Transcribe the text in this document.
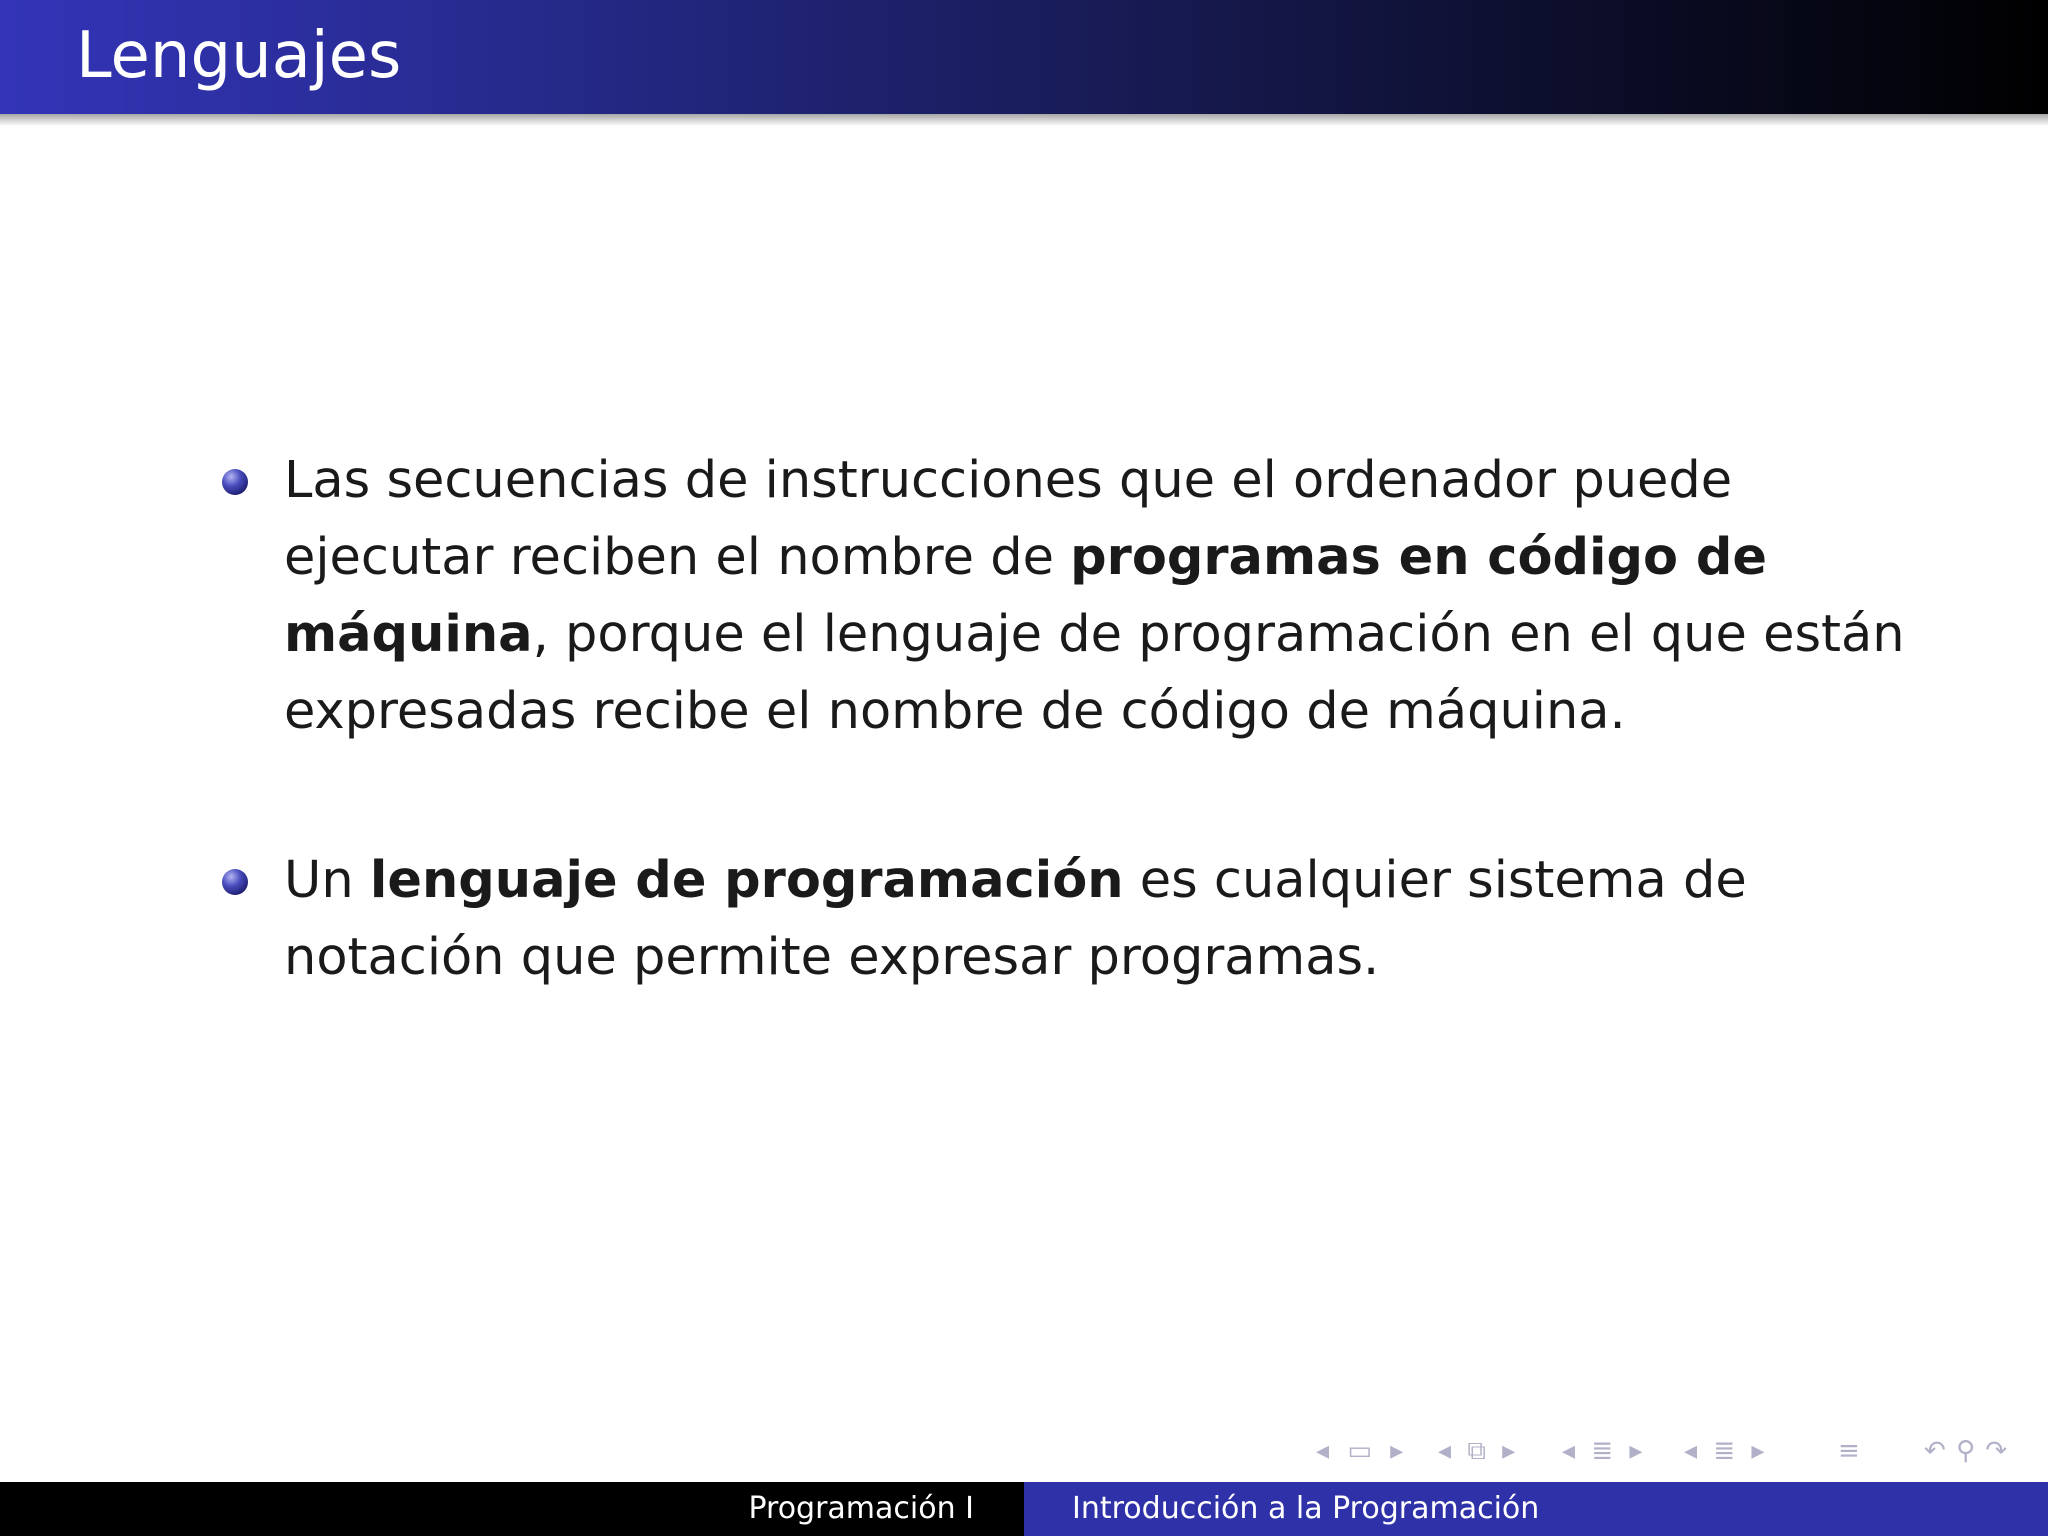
Lenguajes
Las secuencias de instrucciones que el ordenador puede
ejecutar reciben el nombre de programas en código de
máquina, porque el lenguaje de programación en el que están
expresadas recibe el nombre de código de máquina.
Un lenguaje de programación es cualquier sistema de
notación que permite expresar programas.
◂ ▭ ▸ ◂ ⧉ ▸ ◂ ≣ ▸ ◂ ≣ ▸	≡ ↶ ⚲ ↷
Programación I	Introducción a la Programación
